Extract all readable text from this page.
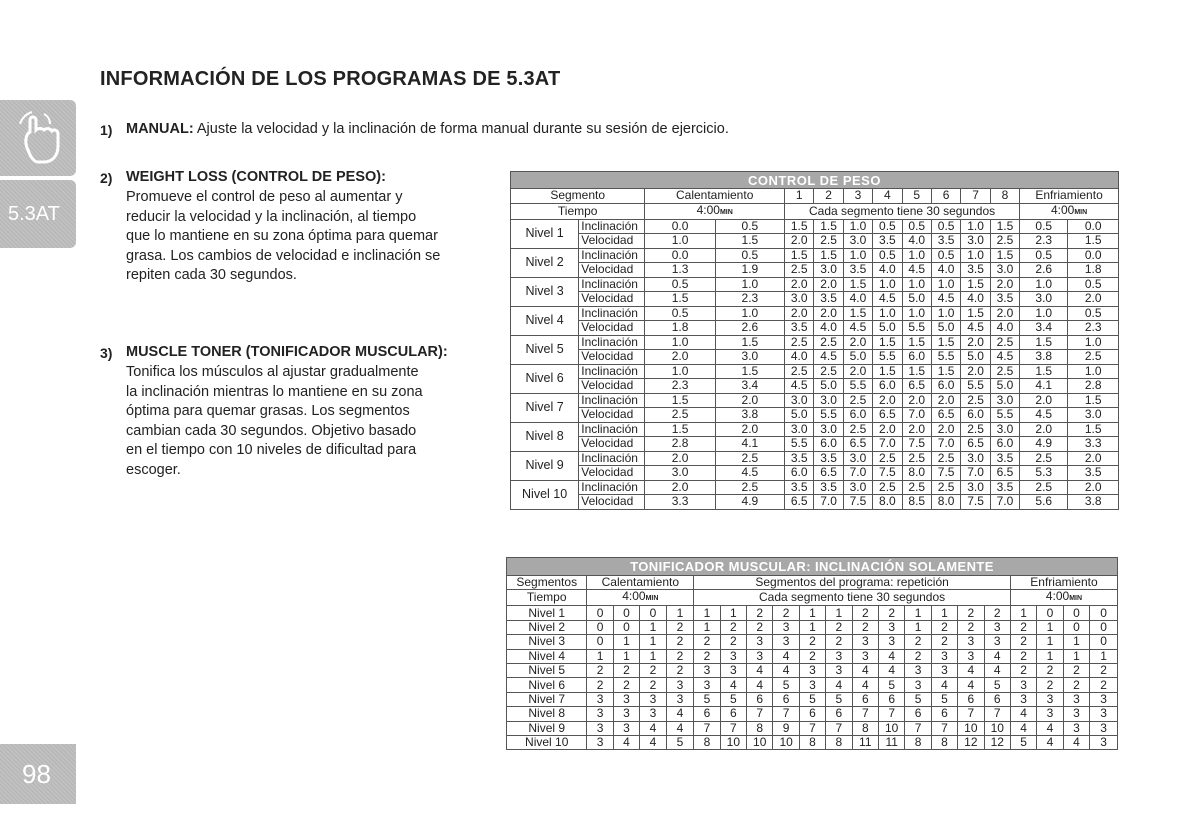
5.3AT
98
INFORMACIÓN DE LOS PROGRAMAS DE 5.3AT
1) MANUAL: Ajuste la velocidad y la inclinación de forma manual durante su sesión de ejercicio.
2) WEIGHT LOSS (CONTROL DE PESO):
Promueve el control de peso al aumentar y
reducir la velocidad y la inclinación, al tiempo
que lo mantiene en su zona óptima para quemar
grasa. Los cambios de velocidad e inclinación se
repiten cada 30 segundos.
3) MUSCLE TONER (TONIFICADOR MUSCULAR):
Tonifica los músculos al ajustar gradualmente
la inclinación mientras lo mantiene en su zona
óptima para quemar grasas. Los segmentos
cambian cada 30 segundos. Objetivo basado
en el tiempo con 10 niveles de dificultad para
escoger.
CONTROL DE PESO													
Segmento		Calentamiento		1	2	3	4	5	6	7	8	Enfriamiento	
Tiempo		4:00MIN		Cada segmento tiene 30 segundos								4:00MIN	
Nivel 1	Inclinación	0.0	0.5	1.5	1.5	1.0	0.5	0.5	0.5	1.0	1.5	0.5	0.0
	Velocidad	1.0	1.5	2.0	2.5	3.0	3.5	4.0	3.5	3.0	2.5	2.3	1.5
Nivel 2	Inclinación	0.0	0.5	1.5	1.5	1.0	0.5	1.0	0.5	1.0	1.5	0.5	0.0
	Velocidad	1.3	1.9	2.5	3.0	3.5	4.0	4.5	4.0	3.5	3.0	2.6	1.8
Nivel 3	Inclinación	0.5	1.0	2.0	2.0	1.5	1.0	1.0	1.0	1.5	2.0	1.0	0.5
	Velocidad	1.5	2.3	3.0	3.5	4.0	4.5	5.0	4.5	4.0	3.5	3.0	2.0
Nivel 4	Inclinación	0.5	1.0	2.0	2.0	1.5	1.0	1.0	1.0	1.5	2.0	1.0	0.5
	Velocidad	1.8	2.6	3.5	4.0	4.5	5.0	5.5	5.0	4.5	4.0	3.4	2.3
Nivel 5	Inclinación	1.0	1.5	2.5	2.5	2.0	1.5	1.5	1.5	2.0	2.5	1.5	1.0
	Velocidad	2.0	3.0	4.0	4.5	5.0	5.5	6.0	5.5	5.0	4.5	3.8	2.5
Nivel 6	Inclinación	1.0	1.5	2.5	2.5	2.0	1.5	1.5	1.5	2.0	2.5	1.5	1.0
	Velocidad	2.3	3.4	4.5	5.0	5.5	6.0	6.5	6.0	5.5	5.0	4.1	2.8
Nivel 7	Inclinación	1.5	2.0	3.0	3.0	2.5	2.0	2.0	2.0	2.5	3.0	2.0	1.5
	Velocidad	2.5	3.8	5.0	5.5	6.0	6.5	7.0	6.5	6.0	5.5	4.5	3.0
Nivel 8	Inclinación	1.5	2.0	3.0	3.0	2.5	2.0	2.0	2.0	2.5	3.0	2.0	1.5
	Velocidad	2.8	4.1	5.5	6.0	6.5	7.0	7.5	7.0	6.5	6.0	4.9	3.3
Nivel 9	Inclinación	2.0	2.5	3.5	3.5	3.0	2.5	2.5	2.5	3.0	3.5	2.5	2.0
	Velocidad	3.0	4.5	6.0	6.5	7.0	7.5	8.0	7.5	7.0	6.5	5.3	3.5
Nivel 10	Inclinación	2.0	2.5	3.5	3.5	3.0	2.5	2.5	2.5	3.0	3.5	2.5	2.0
	Velocidad	3.3	4.9	6.5	7.0	7.5	8.0	8.5	8.0	7.5	7.0	5.6	3.8
TONIFICADOR MUSCULAR: INCLINACIÓN SOLAMENTE																				
Segmentos	Calentamiento				Segmentos del programa: repetición												Enfriamiento			
Tiempo	4:00MIN				Cada segmento tiene 30 segundos												4:00MIN			
Nivel 1	0	0	0	1	1	1	2	2	1	1	2	2	1	1	2	2	1	0	0	0
Nivel 2	0	0	1	2	1	2	2	3	1	2	2	3	1	2	2	3	2	1	0	0
Nivel 3	0	1	1	2	2	2	3	3	2	2	3	3	2	2	3	3	2	1	1	0
Nivel 4	1	1	1	2	2	3	3	4	2	3	3	4	2	3	3	4	2	1	1	1
Nivel 5	2	2	2	2	3	3	4	4	3	3	4	4	3	3	4	4	2	2	2	2
Nivel 6	2	2	2	3	3	4	4	5	3	4	4	5	3	4	4	5	3	2	2	2
Nivel 7	3	3	3	3	5	5	6	6	5	5	6	6	5	5	6	6	3	3	3	3
Nivel 8	3	3	3	4	6	6	7	7	6	6	7	7	6	6	7	7	4	3	3	3
Nivel 9	3	3	4	4	7	7	8	9	7	7	8	10	7	7	10	10	4	4	3	3
Nivel 10	3	4	4	5	8	10	10	10	8	8	11	11	8	8	12	12	5	4	4	3
